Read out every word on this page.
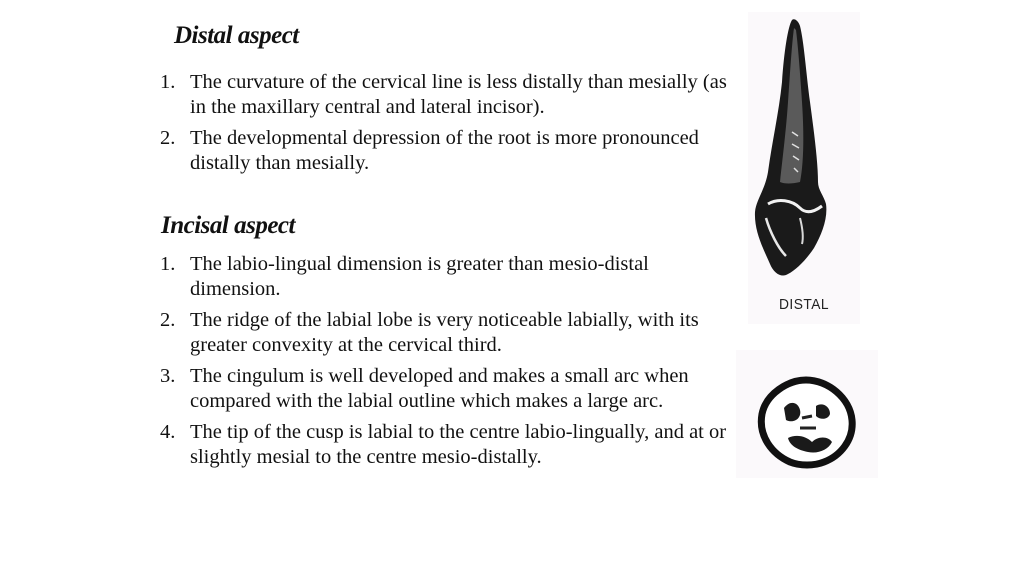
Distal aspect
1. The curvature of the cervical line is less distally than mesially (as in the maxillary central and lateral incisor).
2. The developmental depression of the root is more pronounced distally than mesially.
Incisal aspect
1. The labio-lingual dimension is greater than mesio-distal dimension.
2. The ridge of the labial lobe is very noticeable labially, with its greater convexity at the cervical third.
3. The cingulum is well developed and makes a small arc when compared with the labial outline which makes a large arc.
4. The tip of the cusp is labial to the centre labio-lingually, and at or slightly mesial to the centre mesio-distally.
DISTAL
